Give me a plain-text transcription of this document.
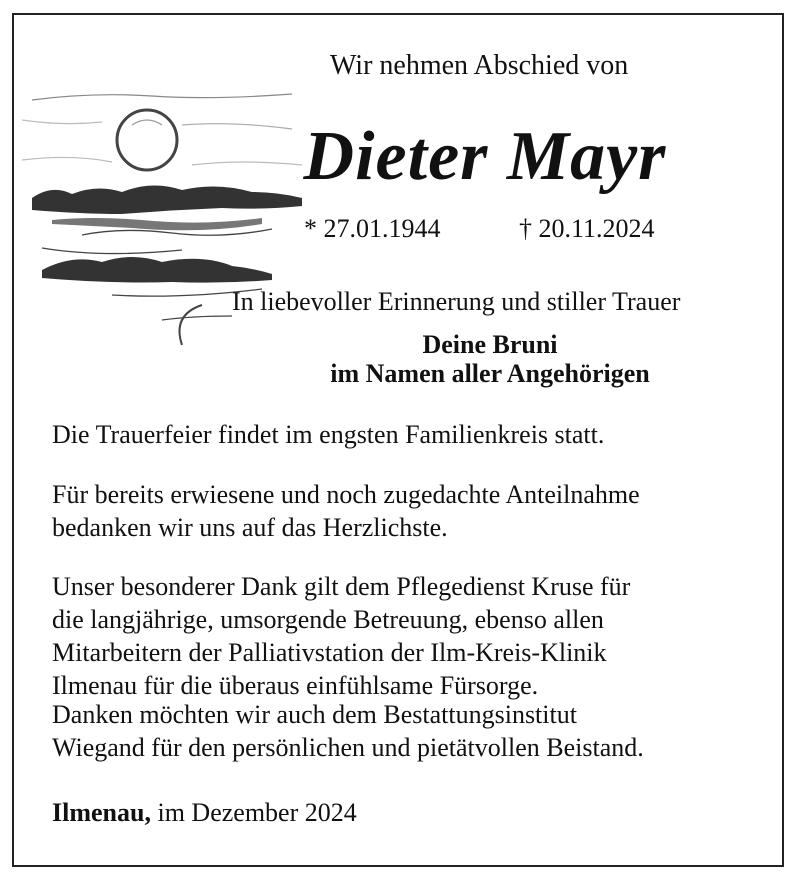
Wir nehmen Abschied von
Dieter Mayr
* 27.01.1944	† 20.11.2024
In liebevoller Erinnerung und stiller Trauer
Deine Bruni
im Namen aller Angehörigen
Die Trauerfeier findet im engsten Familienkreis statt.
Für bereits erwiesene und noch zugedachte Anteilnahme
bedanken wir uns auf das Herzlichste.
Unser besonderer Dank gilt dem Pflegedienst Kruse für
die langjährige, umsorgende Betreuung, ebenso allen
Mitarbeitern der Palliativstation der Ilm-Kreis-Klinik
Ilmenau für die überaus einfühlsame Fürsorge.
Danken möchten wir auch dem Bestattungsinstitut
Wiegand für den persönlichen und pietätvollen Beistand.
Ilmenau, im Dezember 2024
